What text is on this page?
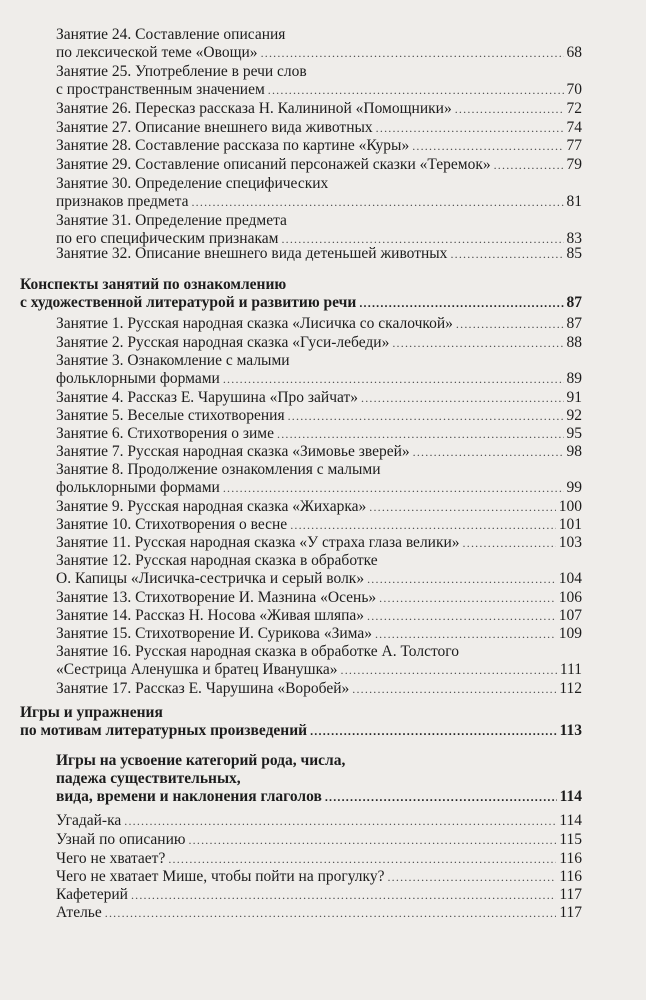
Занятие 24. Составление описания
по лексической теме «Овощи» .....	68
Занятие 25. Употребление в речи слов
с пространственным значением .....	70
Занятие 26. Пересказ рассказа Н. Калининой «Помощники» .....	72
Занятие 27. Описание внешнего вида животных .....	74
Занятие 28. Составление рассказа по картине «Куры» .....	77
Занятие 29. Составление описаний персонажей сказки «Теремок» .....	79
Занятие 30. Определение специфических
признаков предмета .....	81
Занятие 31. Определение предмета
по его специфическим признакам .....	83
Занятие 32. Описание внешнего вида детеньшей животных .....	85
Конспекты занятий по ознакомлению
с художественной литературой и развитию речи .....	87
Занятие 1. Русская народная сказка «Лисичка со скалочкой» .....	87
Занятие 2. Русская народная сказка «Гуси-лебеди» .....	88
Занятие 3. Ознакомление с малыми
фольклорными формами .....	89
Занятие 4. Рассказ Е. Чарушина «Про зайчат» .....	91
Занятие 5. Веселые стихотворения .....	92
Занятие 6. Стихотворения о зиме .....	95
Занятие 7. Русская народная сказка «Зимовье зверей» .....	98
Занятие 8. Продолжение ознакомления с малыми
фольклорными формами .....	99
Занятие 9. Русская народная сказка «Жихарка» .....	100
Занятие 10. Стихотворения о весне .....	101
Занятие 11. Русская народная сказка «У страха глаза велики» .....	103
Занятие 12. Русская народная сказка в обработке
О. Капицы «Лисичка-сестричка и серый волк» .....	104
Занятие 13. Стихотворение И. Мазнина «Осень» .....	106
Занятие 14. Рассказ Н. Носова «Живая шляпа» .....	107
Занятие 15. Стихотворение И. Сурикова «Зима» .....	109
Занятие 16. Русская народная сказка в обработке А. Толстого
«Сестрица Аленушка и братец Иванушка» .....	111
Занятие 17. Рассказ Е. Чарушина «Воробей» .....	112
Игры и упражнения
по мотивам литературных произведений .....	113
Игры на усвоение категорий рода, числа,
падежа существительных,
вида, времени и наклонения глаголов .....	114
Угадай-ка .....	114
Узнай по описанию .....	115
Чего не хватает? .....	116
Чего не хватает Мише, чтобы пойти на прогулку? .....	116
Кафетерий .....	117
Ателье .....	117
